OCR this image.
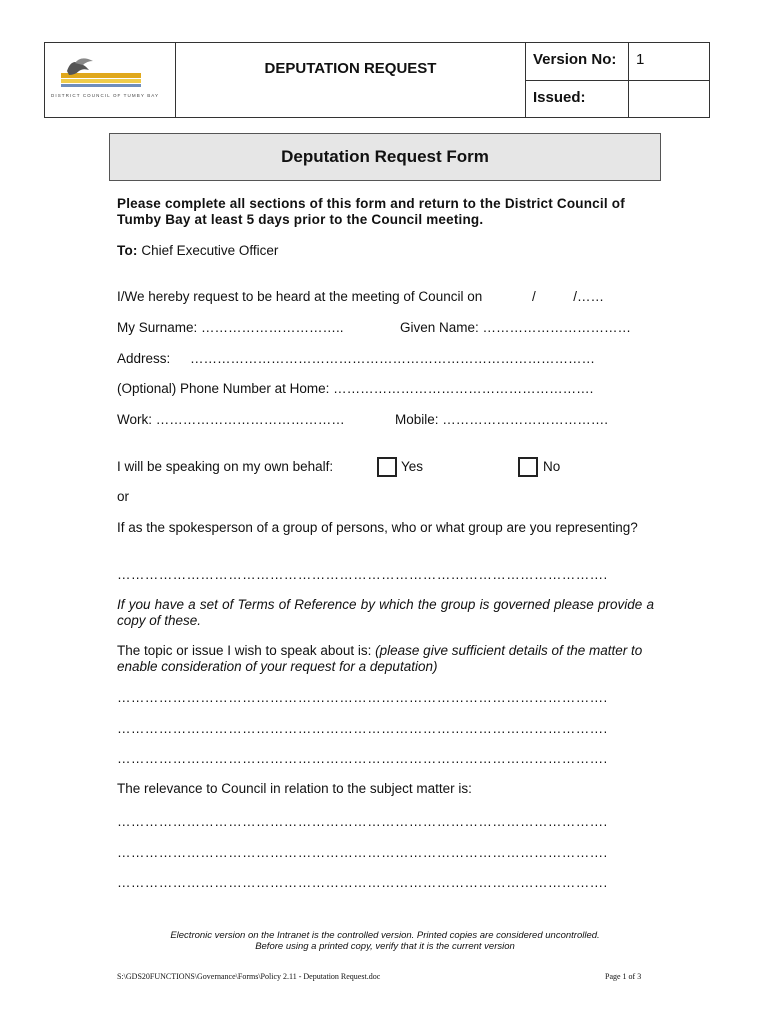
DISTRICT COUNCIL OF TUMBY BAY
DEPUTATION REQUEST
Version No:	1
Issued:
Deputation Request Form
Please complete all sections of this form and return to the District Council of Tumby Bay at least 5 days prior to the Council meeting.
To: Chief Executive Officer
I/We hereby request to be heard at the meeting of Council on	/          /……
My Surname: …………………………..	Given Name: ……………………………
Address: ………………………………………………………………………………
(Optional) Phone Number at Home: ………………………………………………….
Work: ……………………………………	Mobile: ……………………………….
I will be speaking on my own behalf:	Yes	No
or
If as the spokesperson of a group of persons, who or what group are you representing?
…………………………………………………………………………………………….
If you have a set of Terms of Reference by which the group is governed please provide a copy of these.
The topic or issue I wish to speak about is: (please give sufficient details of the matter to enable consideration of your request for a deputation)
…………………………………………………………………………………………….
…………………………………………………………………………………………….
…………………………………………………………………………………………….
The relevance to Council in relation to the subject matter is:
…………………………………………………………………………………………….
…………………………………………………………………………………………….
…………………………………………………………………………………………….
Electronic version on the Intranet is the controlled version. Printed copies are considered uncontrolled.
Before using a printed copy, verify that it is the current version
S:\GDS20FUNCTIONS\Governance\Forms\Policy 2.11 - Deputation Request.doc	Page 1 of 3
